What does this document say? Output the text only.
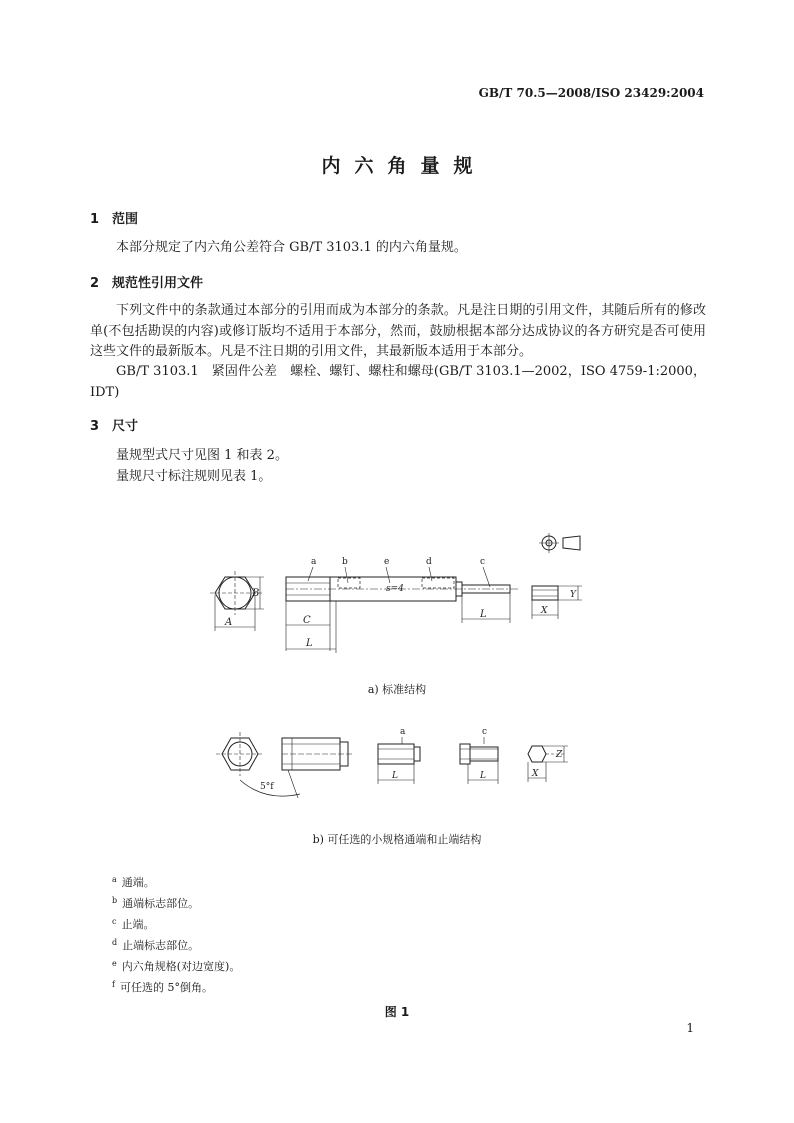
GB/T 70.5—2008/ISO 23429:2004
内六角量规
1 范围
本部分规定了内六角公差符合 GB/T 3103.1 的内六角量规。
2 规范性引用文件
下列文件中的条款通过本部分的引用而成为本部分的条款。凡是注日期的引用文件，其随后所有的修改单(不包括勘误的内容)或修订版均不适用于本部分，然而，鼓励根据本部分达成协议的各方研究是否可使用这些文件的最新版本。凡是不注日期的引用文件，其最新版本适用于本部分。
GB/T 3103.1　紧固件公差　螺栓、螺钉、螺柱和螺母(GB/T 3103.1—2002，ISO 4759-1:2000，IDT)
3 尺寸
量规型式尺寸见图 1 和表 2。
量规尺寸标注规则见表 1。
B
A
a	b	e	d	c
s=4
C
L
L
Y
X
a) 标准结构
5°f
a
L
c
L
Z
X
b) 可任选的小规格通端和止端结构
$^a$ 通端。
$^b$ 通端标志部位。
$^c$ 止端。
$^d$ 止端标志部位。
$^e$ 内六角规格(对边宽度)。
$^f$ 可任选的 5°倒角。
图 1
1
